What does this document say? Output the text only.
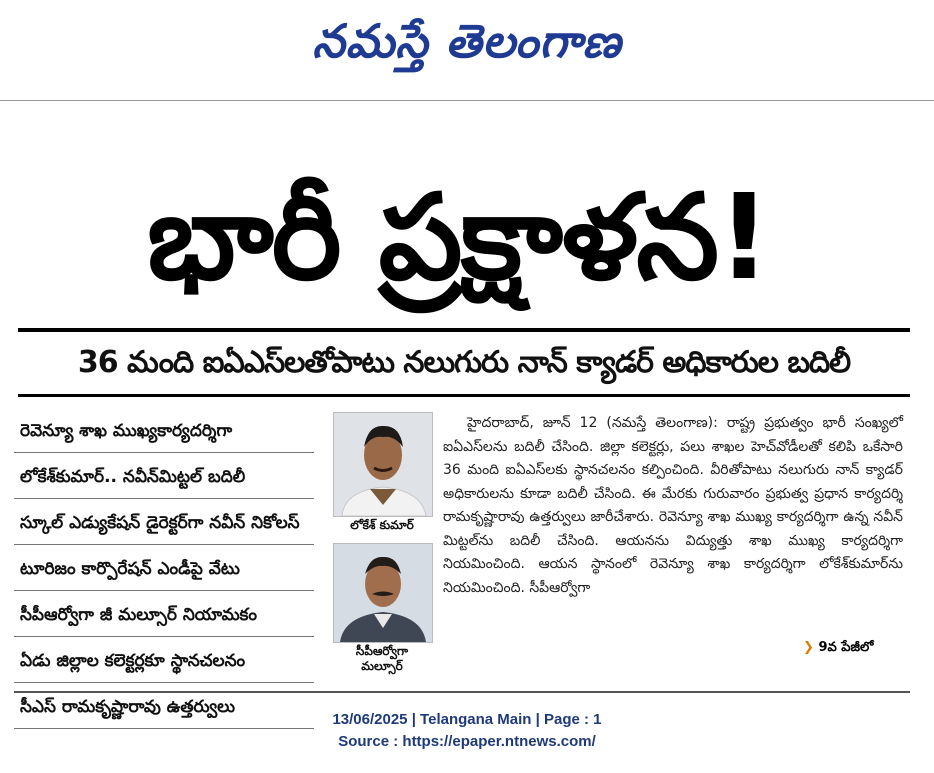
నమస్తే తెలంగాణ
భారీ ప్రక్షాళన!
36 మంది ఐఏఎస్‌లతోపాటు నలుగురు నాన్ క్యాడర్ అధికారుల బదిలీ
రెవెన్యూ శాఖ ముఖ్యకార్యదర్శిగా
లోకేశ్‌కుమార్.. నవీన్‌మిట్టల్ బదిలీ
స్కూల్ ఎడ్యుకేషన్ డైరెక్టర్‌గా నవీన్ నికోలస్
టూరిజం కార్పొరేషన్ ఎండీపై వేటు
సీపీఆర్వోగా జీ మల్సూర్ నియామకం
ఏడు జిల్లాల కలెక్టర్లకూ స్థానచలనం
సీఎస్ రామకృష్ణారావు ఉత్తర్వులు
లోకేశ్ కుమార్
సీపీఆర్వోగా
మల్సూర్

హైదరాబాద్, జూన్ 12 (నమస్తే తెలంగాణ): రాష్ట్ర ప్రభుత్వం భారీ సంఖ్యలో ఐఏఎస్‌లను బదిలీ చేసింది. జిల్లా కలెక్టర్లు, పలు శాఖల హెచ్‌వోడీలతో కలిపి ఒకేసారి 36 మంది ఐఏఎస్‌లకు స్థానచలనం కల్పించింది. వీరితోపాటు నలుగురు నాన్ క్యాడర్ అధికారులను కూడా బదిలీ చేసింది. ఈ మేరకు గురువారం ప్రభుత్వ ప్రధాన కార్యదర్శి రామకృష్ణారావు ఉత్తర్వులు జారీచేశారు. రెవెన్యూ శాఖ ముఖ్య కార్యదర్శిగా ఉన్న నవీన్ మిట్టల్‌ను బదిలీ చేసింది. ఆయనను విద్యుత్తు శాఖ ముఖ్య కార్యదర్శిగా నియమించింది. ఆయన స్థానంలో రెవెన్యూ శాఖ కార్యదర్శిగా లోకేశ్‌కుమార్‌ను నియమించింది. సీపీఆర్వోగా

❯ 9వ పేజీలో
13/06/2025 | Telangana Main | Page : 1
Source : https://epaper.ntnews.com/
